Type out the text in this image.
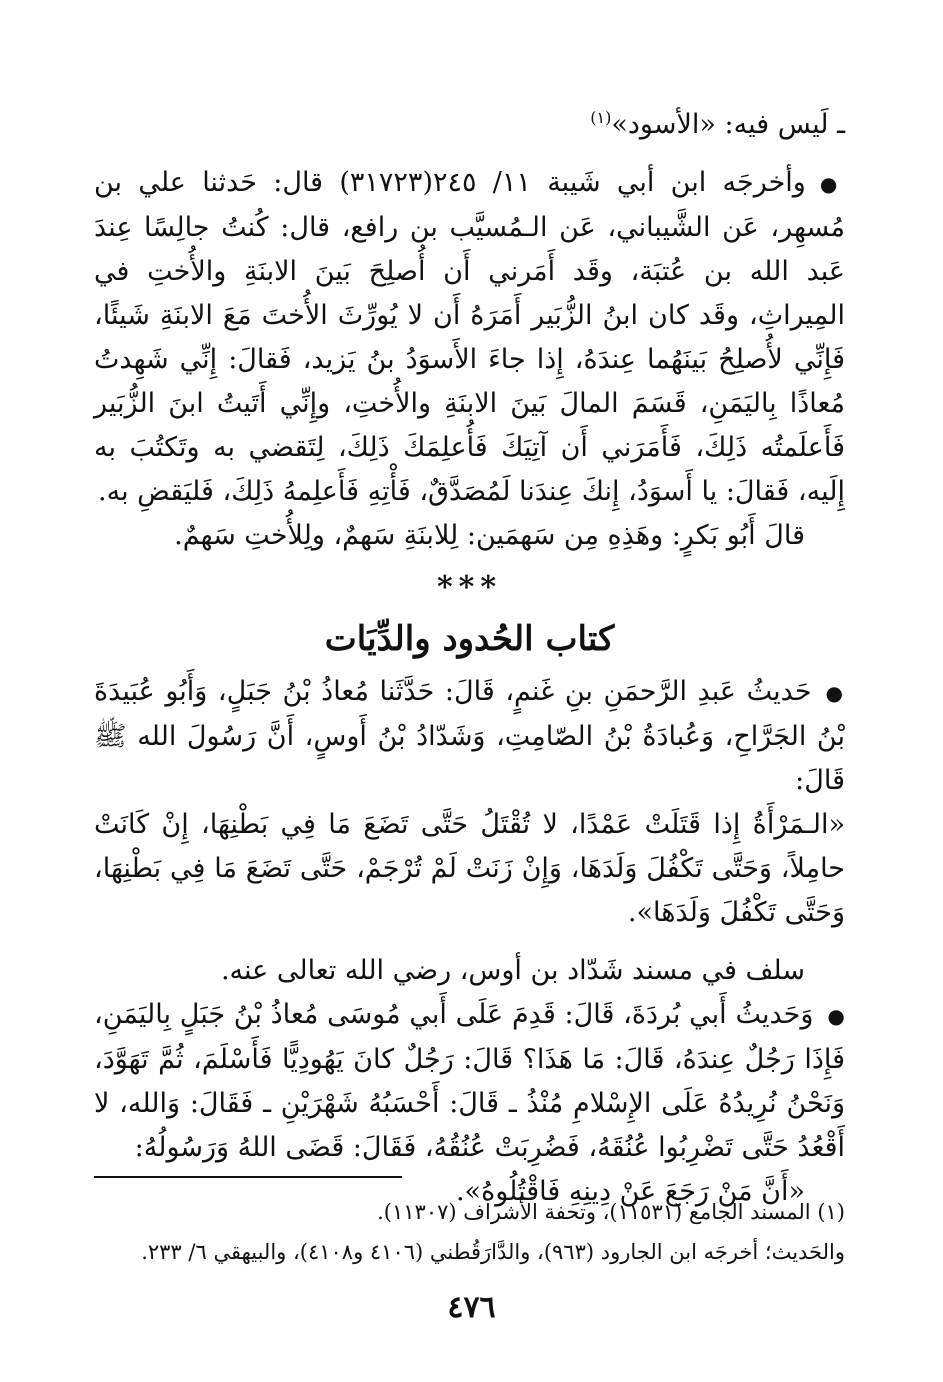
ـ لَيس فيه: «الأسود»$^{(١)}$

●وأخرجَه ابن أبي شَيبة ١١/ ٢٤٥(٣١٧٢٣) قال: حَدثنا علي بن مُسهِر، عَن الشَّيباني، عَن الـمُسيَّب بن رافع، قال: كُنتُ جالِسًا عِندَ عَبد الله بن عُتبَة، وقَد أَمَرني أَن أُصلِحَ بَينَ الابنَةِ والأُختِ في المِيراثِ، وقَد كان ابنُ الزُّبَير أَمَرَهُ أَن لا يُورِّثَ الأُختَ مَعَ الابنَةِ شَيئًا، فَإِنِّي لأُصلِحُ بَينَهُما عِندَهُ، إِذا جاءَ الأَسوَدُ بنُ يَزيد، فَقالَ: إِنِّي شَهِدتُ مُعاذًا بِاليَمَنِ، قَسَمَ المالَ بَينَ الابنَةِ والأُختِ، وإِنِّي أَتَيتُ ابنَ الزُّبَير فَأَعلَمتُه ذَلِكَ، فَأَمَرَني أَن آتِيَكَ فَأُعلِمَكَ ذَلِكَ، لِتَقضي به وتَكتُبَ به إِلَيه، فَقالَ: يا أَسوَدُ، إِنكَ عِندَنا لَمُصَدَّقٌ، فَأْتِهِ فَأَعلِمهُ ذَلِكَ، فَليَقضِ به.

قالَ أَبُو بَكرٍ: وهَذِهِ مِن سَهمَين: لِلابنَةِ سَهمٌ، ولِلأُختِ سَهمٌ.

***
كتاب الحُدود والدِّيَات

●حَديثُ عَبدِ الرَّحمَنِ بنِ غَنمٍ، قَالَ: حَدَّثَنا مُعاذُ بْنُ جَبَلٍ، وَأَبُو عُبَيدَةَ بْنُ الجَرَّاحِ، وَعُبادَةُ بْنُ الصّامِتِ، وَشَدّادُ بْنُ أَوسٍ، أَنَّ رَسُولَ الله ﷺ قَالَ:

«الـمَرْأَةُ إِذا قَتَلَتْ عَمْدًا، لا تُقْتَلُ حَتَّى تَضَعَ مَا فِي بَطْنِهَا، إِنْ كَانَتْ حامِلاً، وَحَتَّى تَكْفُلَ وَلَدَهَا، وَإِنْ زَنَتْ لَمْ تُرْجَمْ، حَتَّى تَضَعَ مَا فِي بَطْنِهَا، وَحَتَّى تَكْفُلَ وَلَدَهَا».

سلف في مسند شَدّاد بن أوس، رضي الله تعالى عنه.

●وَحَديثُ أَبي بُردَةَ، قَالَ: قَدِمَ عَلَى أَبي مُوسَى مُعاذُ بْنُ جَبَلٍ بِاليَمَنِ، فَإِذَا رَجُلٌ عِندَهُ، قَالَ: مَا هَذَا؟ قَالَ: رَجُلٌ كانَ يَهُودِيًّا فَأَسْلَمَ، ثُمَّ تَهَوَّدَ، وَنَحْنُ نُرِيدُهُ عَلَى الإِسْلامِ مُنْذُ ـ قَالَ: أَحْسَبُهُ شَهْرَيْنِ ـ فَقَالَ: وَالله، لا أَقْعُدُ حَتَّى تَضْرِبُوا عُنُقَهُ، فَضُرِبَتْ عُنُقُهُ، فَقَالَ: قَضَى اللهُ وَرَسُولُهُ:

«أَنَّ مَنْ رَجَعَ عَنْ دِينِهِ فَاقْتُلُوهُ».

(١) المسند الجامع (١١٥٣١)، وتحفة الأشراف (١١٣٠٧).

والحَديث؛ أخرجَه ابن الجارود (٩٦٣)، والدَّارَقُطني (٤١٠٦ و٤١٠٨)، والبيهقي ٦/ ٢٣٣.

٤٧٦
